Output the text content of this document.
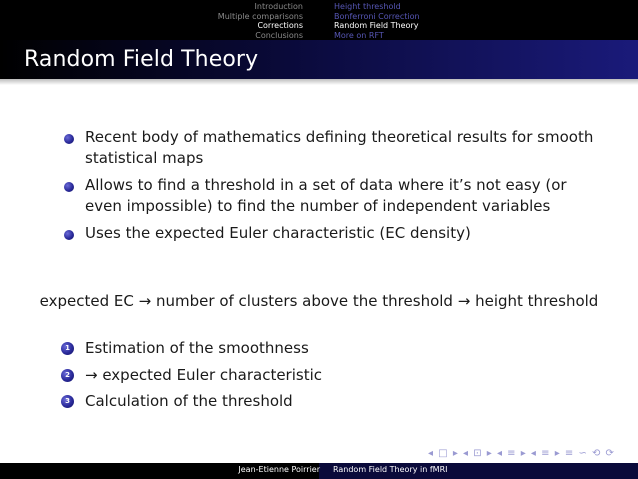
Introduction
Multiple comparisons
Corrections
Conclusions
Height threshold
Bonferroni Correction
Random Field Theory
More on RFT
Random Field Theory
Recent body of mathematics defining theoretical results for smooth statistical maps
Allows to find a threshold in a set of data where it’s not easy (or even impossible) to find the number of independent variables
Uses the expected Euler characteristic (EC density)
expected EC → number of clusters above the threshold → height threshold
1 Estimation of the smoothness
2 → expected Euler characteristic
3 Calculation of the threshold
◂ □ ▸ ◂ ⊡ ▸ ◂ ≡ ▸ ◂ ≡ ▸ ≡ ∽ ⟲ ⟳
Jean-Etienne Poirrier Random Field Theory in fMRI
